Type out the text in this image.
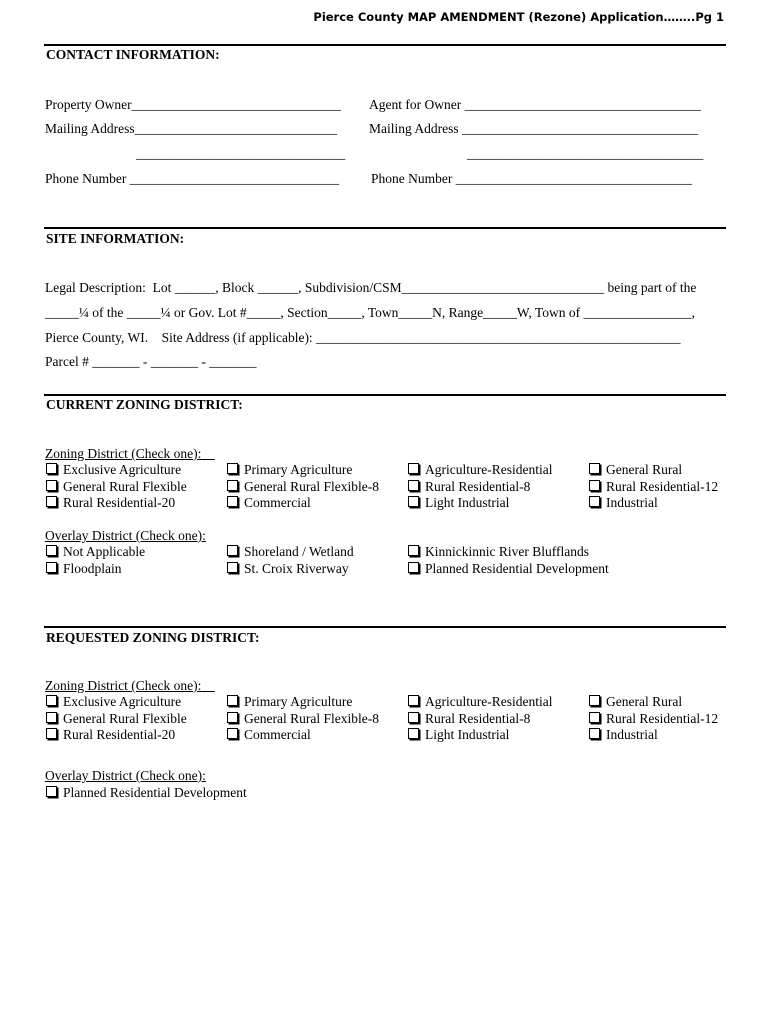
Pierce County MAP AMENDMENT (Rezone) Application……..Pg 1
CONTACT INFORMATION:
Property Owner_______________________________
Mailing Address______________________________
_______________________________
Phone Number _______________________________
Agent for Owner ___________________________________
Mailing Address ___________________________________
___________________________________
Phone Number ___________________________________
SITE INFORMATION:
Legal Description:  Lot ______, Block ______, Subdivision/CSM______________________________ being part of the
_____¼ of the _____¼ or Gov. Lot #_____, Section_____, Town_____N, Range_____W, Town of ________________,
Pierce County, WI.    Site Address (if applicable): ______________________________________________________
Parcel # _______ - _______ - _______
CURRENT ZONING DISTRICT:
Zoning District (Check one):
Exclusive Agriculture	Primary Agriculture	Agriculture-Residential	General Rural
General Rural Flexible	General Rural Flexible-8	Rural Residential-8	Rural Residential-12
Rural Residential-20	Commercial	Light Industrial	Industrial
Overlay District (Check one):
Not Applicable	Shoreland / Wetland	Kinnickinnic River Blufflands
Floodplain	St. Croix Riverway	Planned Residential Development
REQUESTED ZONING DISTRICT:
Zoning District (Check one):
Exclusive Agriculture	Primary Agriculture	Agriculture-Residential	General Rural
General Rural Flexible	General Rural Flexible-8	Rural Residential-8	Rural Residential-12
Rural Residential-20	Commercial	Light Industrial	Industrial
Overlay District (Check one):
Planned Residential Development
